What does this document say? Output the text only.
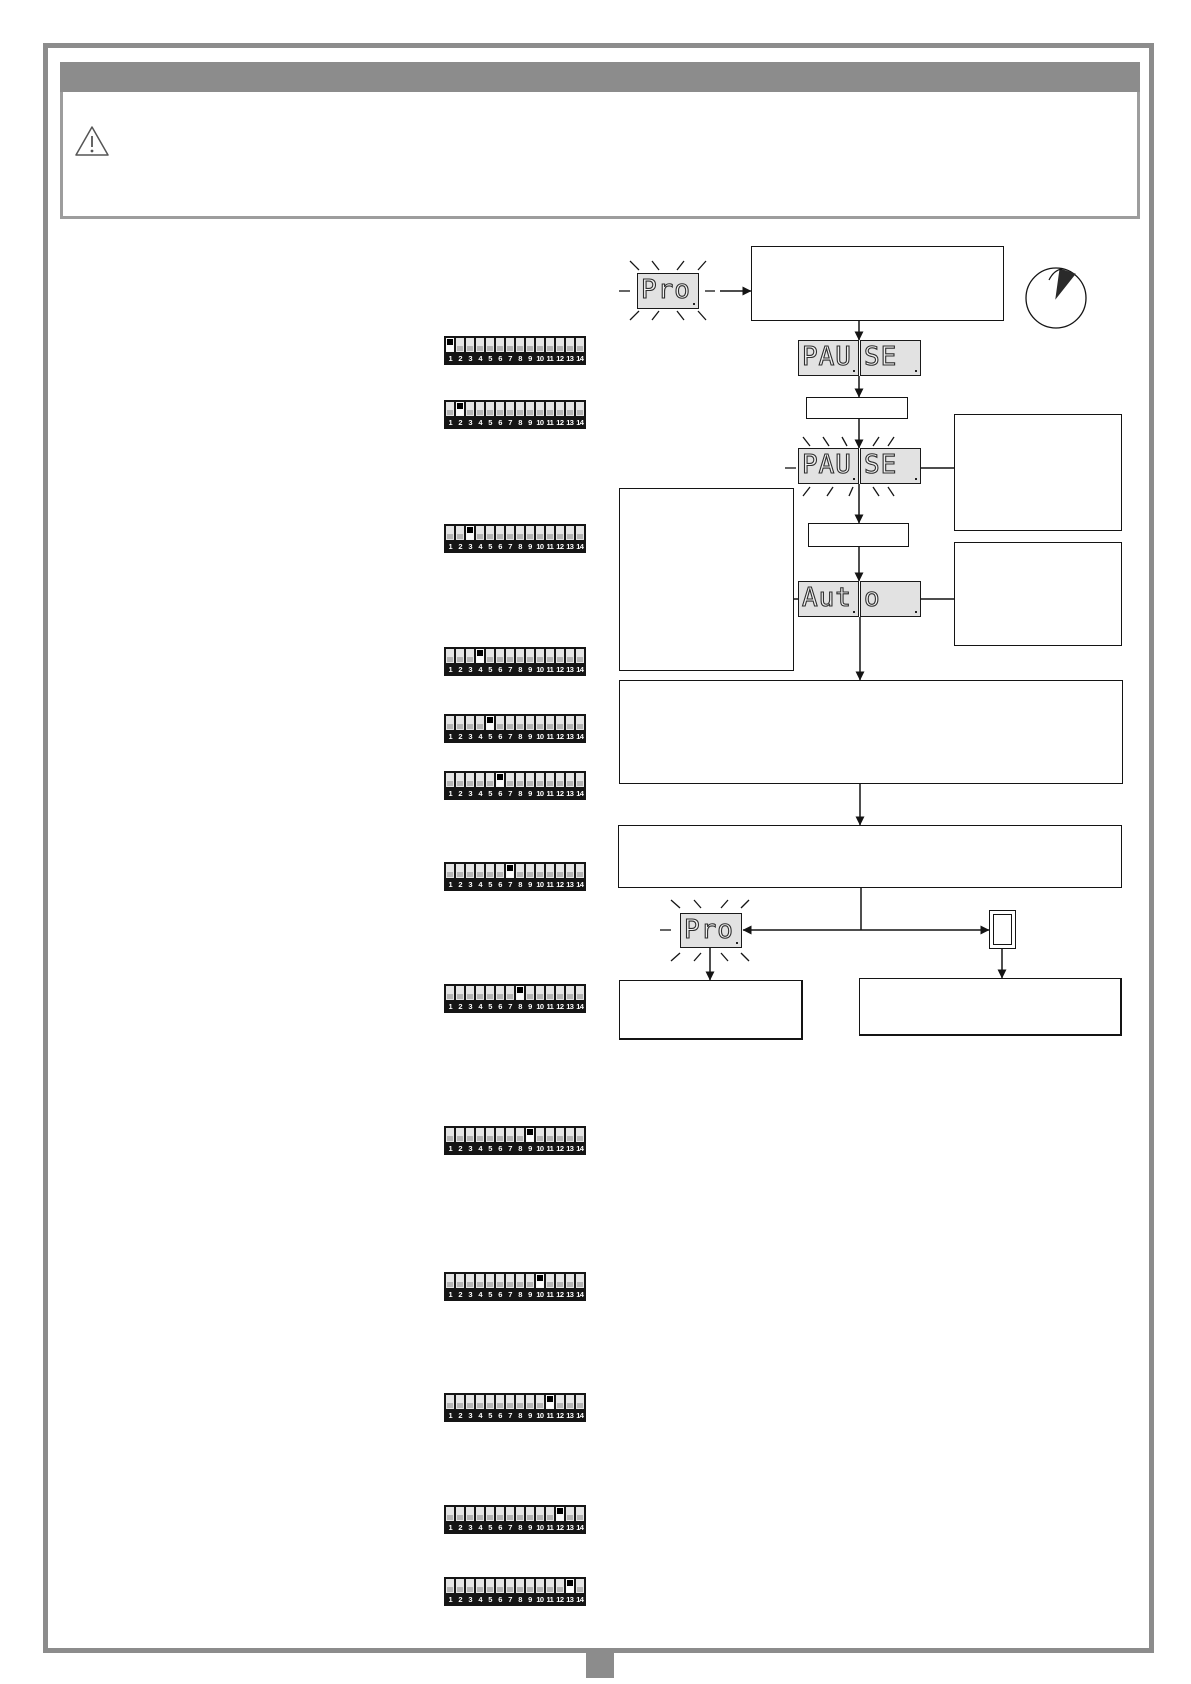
1 2 3 4 5 6 7 8 9 10 11 12 13 14
1 2 3 4 5 6 7 8 9 10 11 12 13 14
1 2 3 4 5 6 7 8 9 10 11 12 13 14
1 2 3 4 5 6 7 8 9 10 11 12 13 14
1 2 3 4 5 6 7 8 9 10 11 12 13 14
1 2 3 4 5 6 7 8 9 10 11 12 13 14
1 2 3 4 5 6 7 8 9 10 11 12 13 14
1 2 3 4 5 6 7 8 9 10 11 12 13 14
1 2 3 4 5 6 7 8 9 10 11 12 13 14
1 2 3 4 5 6 7 8 9 10 11 12 13 14
1 2 3 4 5 6 7 8 9 10 11 12 13 14
1 2 3 4 5 6 7 8 9 10 11 12 13 14
1 2 3 4 5 6 7 8 9 10 11 12 13 14
Pro
PAU SE
PAU SE
Aut o
Pro
